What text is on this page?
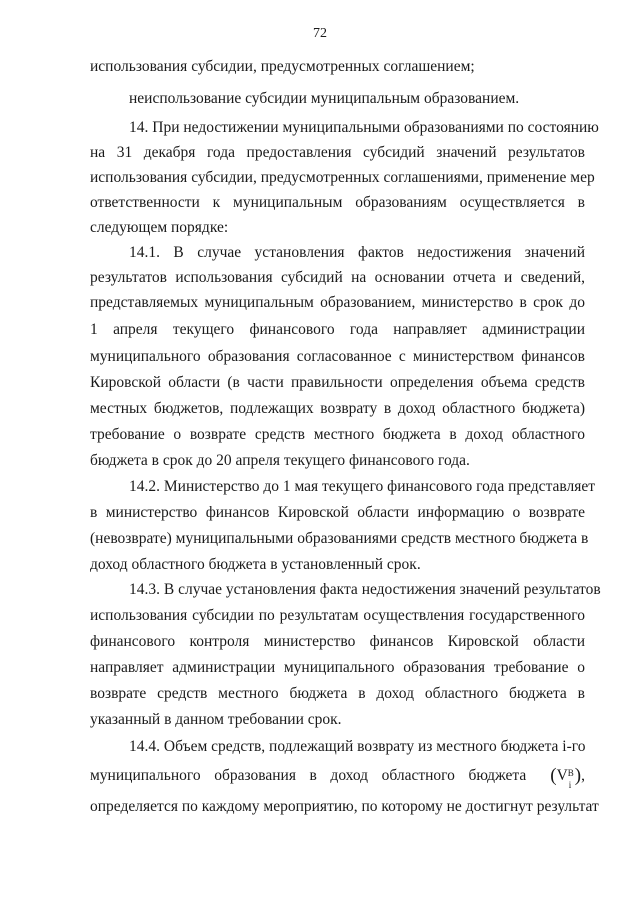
72
использования субсидии, предусмотренных соглашением;
неиспользование субсидии муниципальным образованием.
14. При недостижении муниципальными образованиями по состоянию
на 31 декабря года предоставления субсидий значений результатов
использования субсидии, предусмотренных соглашениями, применение мер
ответственности к муниципальным образованиям осуществляется в
следующем порядке:
14.1. В случае установления фактов недостижения значений
результатов использования субсидий на основании отчета и сведений,
представляемых муниципальным образованием, министерство в срок до
1 апреля текущего финансового года направляет администрации
муниципального образования согласованное с министерством финансов
Кировской области (в части правильности определения объема средств
местных бюджетов, подлежащих возврату в доход областного бюджета)
требование о возврате средств местного бюджета в доход областного
бюджета в срок до 20 апреля текущего финансового года.
14.2. Министерство до 1 мая текущего финансового года представляет
в министерство финансов Кировской области информацию о возврате
(невозврате) муниципальными образованиями средств местного бюджета в
доход областного бюджета в установленный срок.
14.3. В случае установления факта недостижения значений результатов
использования субсидии по результатам осуществления государственного
финансового контроля министерство финансов Кировской области
направляет администрации муниципального образования требование о
возврате средств местного бюджета в доход областного бюджета в
указанный в данном требовании срок.
14.4. Объем средств, подлежащий возврату из местного бюджета i-го
муниципального образования в доход областного бюджета	(V В
i ),
определяется по каждому мероприятию, по которому не достигнут результат
